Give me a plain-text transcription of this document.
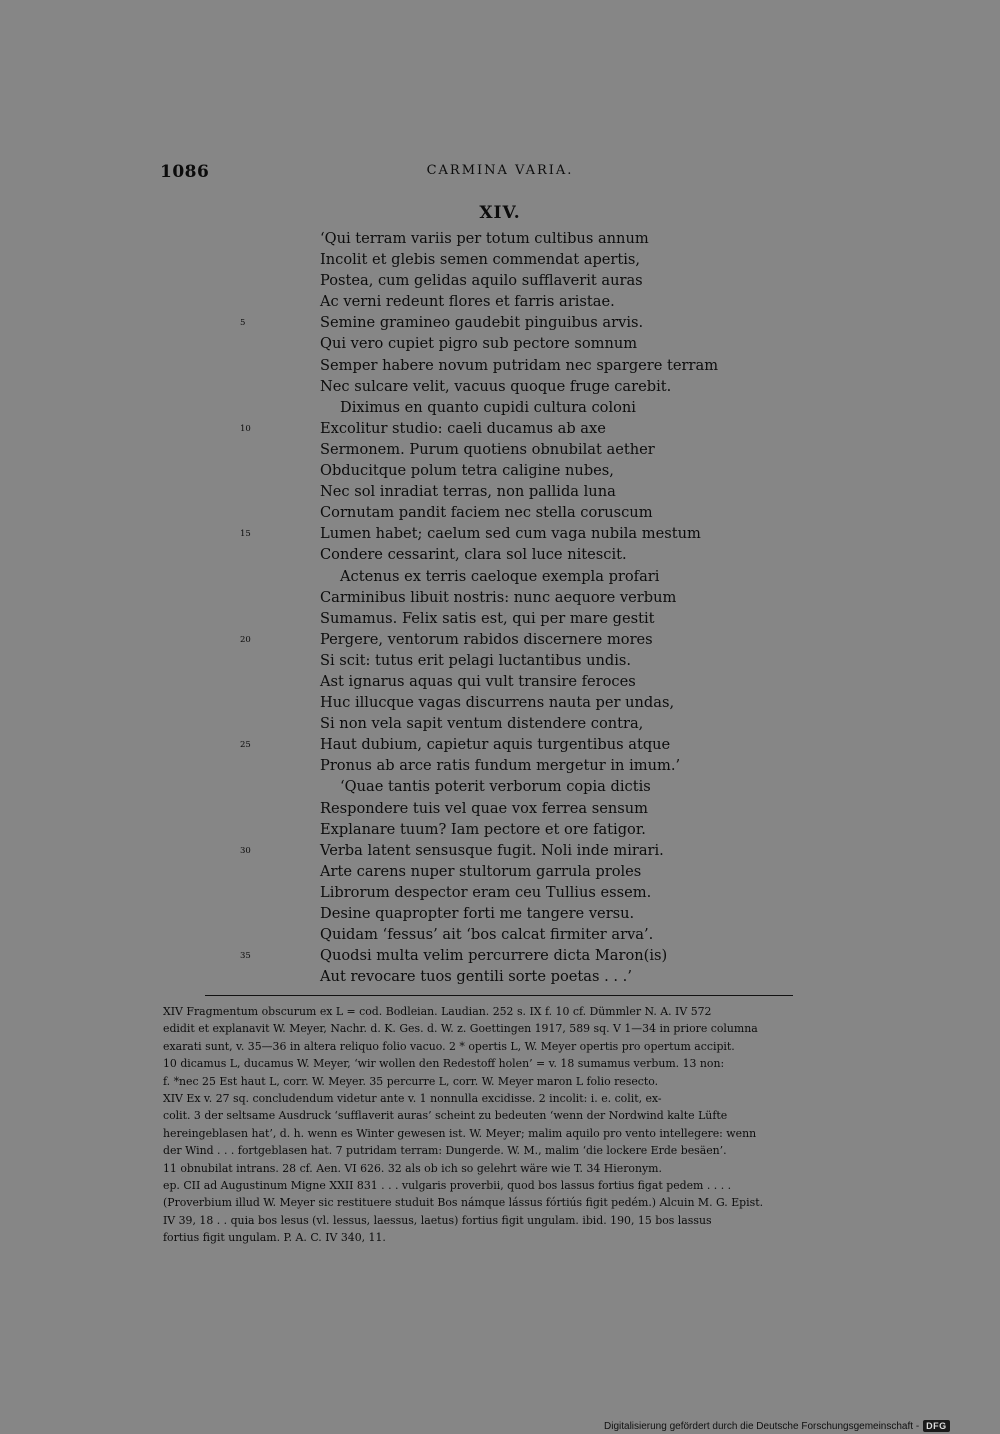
1086	CARMINA VARIA.
XIV.
‘Qui terram variis per totum cultibus annum
Incolit et glebis semen commendat apertis,
Postea, cum gelidas aquilo sufflaverit auras
Ac verni redeunt flores et farris aristae.
5	Semine gramineo gaudebit pinguibus arvis.
Qui vero cupiet pigro sub pectore somnum
Semper habere novum putridam nec spargere terram
Nec sulcare velit, vacuus quoque fruge carebit.
Diximus en quanto cupidi cultura coloni
10	Excolitur studio: caeli ducamus ab axe
Sermonem. Purum quotiens obnubilat aether
Obducitque polum tetra caligine nubes,
Nec sol inradiat terras, non pallida luna
Cornutam pandit faciem nec stella coruscum
15	Lumen habet; caelum sed cum vaga nubila mestum
Condere cessarint, clara sol luce nitescit.
Actenus ex terris caeloque exempla profari
Carminibus libuit nostris: nunc aequore verbum
Sumamus. Felix satis est, qui per mare gestit
20	Pergere, ventorum rabidos discernere mores
Si scit: tutus erit pelagi luctantibus undis.
Ast ignarus aquas qui vult transire feroces
Huc illucque vagas discurrens nauta per undas,
Si non vela sapit ventum distendere contra,
25	Haut dubium, capietur aquis turgentibus atque
Pronus ab arce ratis fundum mergetur in imum.’
‘Quae tantis poterit verborum copia dictis
Respondere tuis vel quae vox ferrea sensum
Explanare tuum? Iam pectore et ore fatigor.
30	Verba latent sensusque fugit. Noli inde mirari.
Arte carens nuper stultorum garrula proles
Librorum despector eram ceu Tullius essem.
Desine quapropter forti me tangere versu.
Quidam ‘fessus’ ait ‘bos calcat firmiter arva’.
35	Quodsi multa velim percurrere dicta Maron(is)
Aut revocare tuos gentili sorte poetas . . .’
XIV Fragmentum obscurum ex L = cod. Bodleian. Laudian. 252 s. IX f. 10 cf. Dümmler N. A. IV 572
edidit et explanavit W. Meyer, Nachr. d. K. Ges. d. W. z. Goettingen 1917, 589 sq. V 1—34 in priore columna
exarati sunt, v. 35—36 in altera reliquo folio vacuo. 2 * opertis L, W. Meyer opertis pro opertum accipit.
10 dicamus L, ducamus W. Meyer, ‘wir wollen den Redestoff holen’ = v. 18 sumamus verbum. 13 non:
f. *nec 25 Est haut L, corr. W. Meyer. 35 percurre L, corr. W. Meyer maron L folio resecto.
XIV Ex v. 27 sq. concludendum videtur ante v. 1 nonnulla excidisse. 2 incolit: i. e. colit, ex-
colit. 3 der seltsame Ausdruck ‘sufflaverit auras’ scheint zu bedeuten ‘wenn der Nordwind kalte Lüfte
hereingeblasen hat’, d. h. wenn es Winter gewesen ist. W. Meyer; malim aquilo pro vento intellegere: wenn
der Wind . . . fortgeblasen hat. 7 putridam terram: Dungerde. W. M., malim ‘die lockere Erde besäen’.
11 obnubilat intrans. 28 cf. Aen. VI 626. 32 als ob ich so gelehrt wäre wie T. 34 Hieronym.
ep. CII ad Augustinum Migne XXII 831 . . . vulgaris proverbii, quod bos lassus fortius figat pedem . . . .
(Proverbium illud W. Meyer sic restituere studuit Bos námque lássus fórtiús figit pedém.) Alcuin M. G. Epist.
IV 39, 18 . . quia bos lesus (vl. lessus, laessus, laetus) fortius figit ungulam. ibid. 190, 15 bos lassus
fortius figit ungulam. P. A. C. IV 340, 11.
Digitalisierung gefördert durch die Deutsche Forschungsgemeinschaft - DFG
